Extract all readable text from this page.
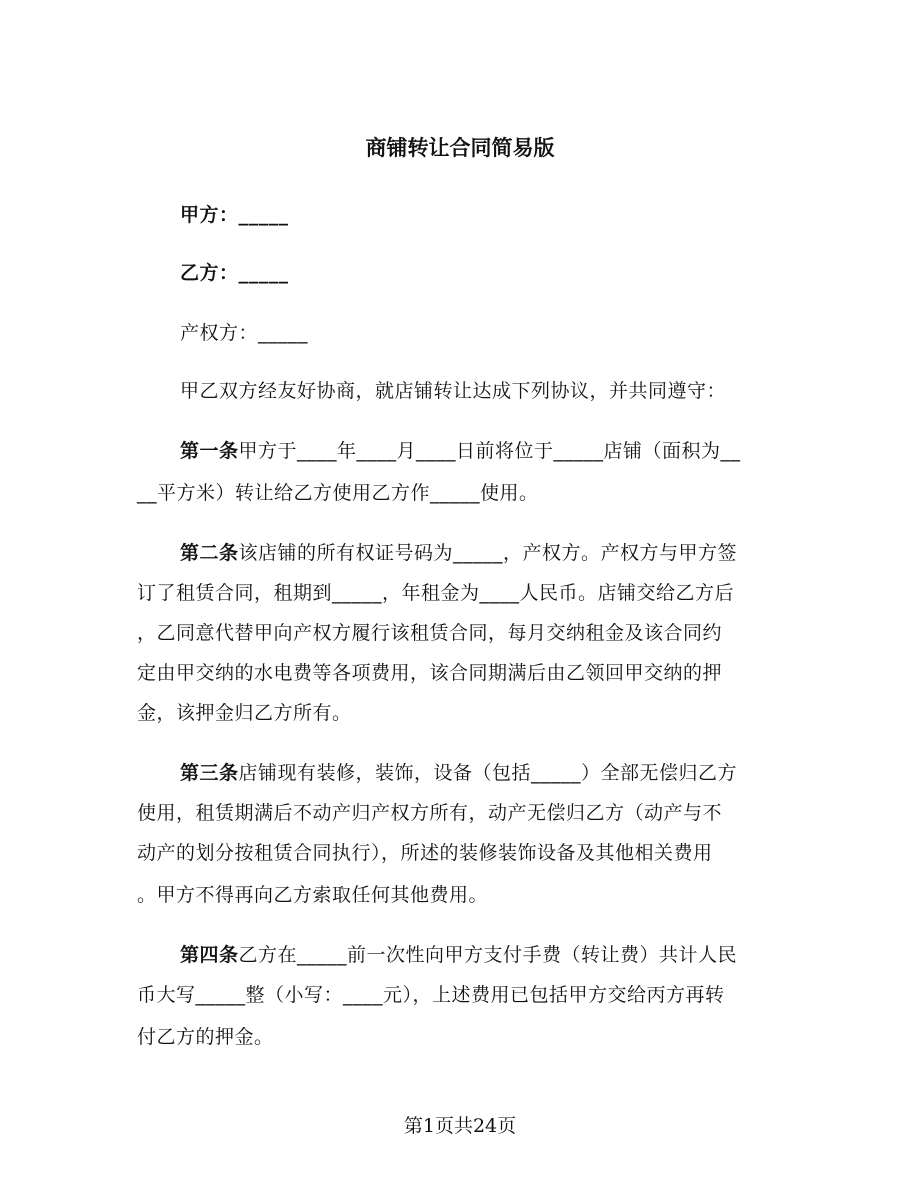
商铺转让合同简易版
甲方：_____
乙方：_____
产权方：_____
甲乙双方经友好协商，就店铺转让达成下列协议，并共同遵守：
第一条甲方于____年____月____日前将位于_____店铺（面积为__
__平方米）转让给乙方使用乙方作_____使用。
第二条该店铺的所有权证号码为_____，产权方。产权方与甲方签
订了租赁合同，租期到_____，年租金为____人民币。店铺交给乙方后
，乙同意代替甲向产权方履行该租赁合同，每月交纳租金及该合同约
定由甲交纳的水电费等各项费用，该合同期满后由乙领回甲交纳的押
金，该押金归乙方所有。
第三条店铺现有装修，装饰，设备（包括_____）全部无偿归乙方
使用，租赁期满后不动产归产权方所有，动产无偿归乙方（动产与不
动产的划分按租赁合同执行），所述的装修装饰设备及其他相关费用
。甲方不得再向乙方索取任何其他费用。
第四条乙方在_____前一次性向甲方支付手费（转让费）共计人民
币大写_____整（小写：____元），上述费用已包括甲方交给丙方再转
付乙方的押金。
第1页共24页
